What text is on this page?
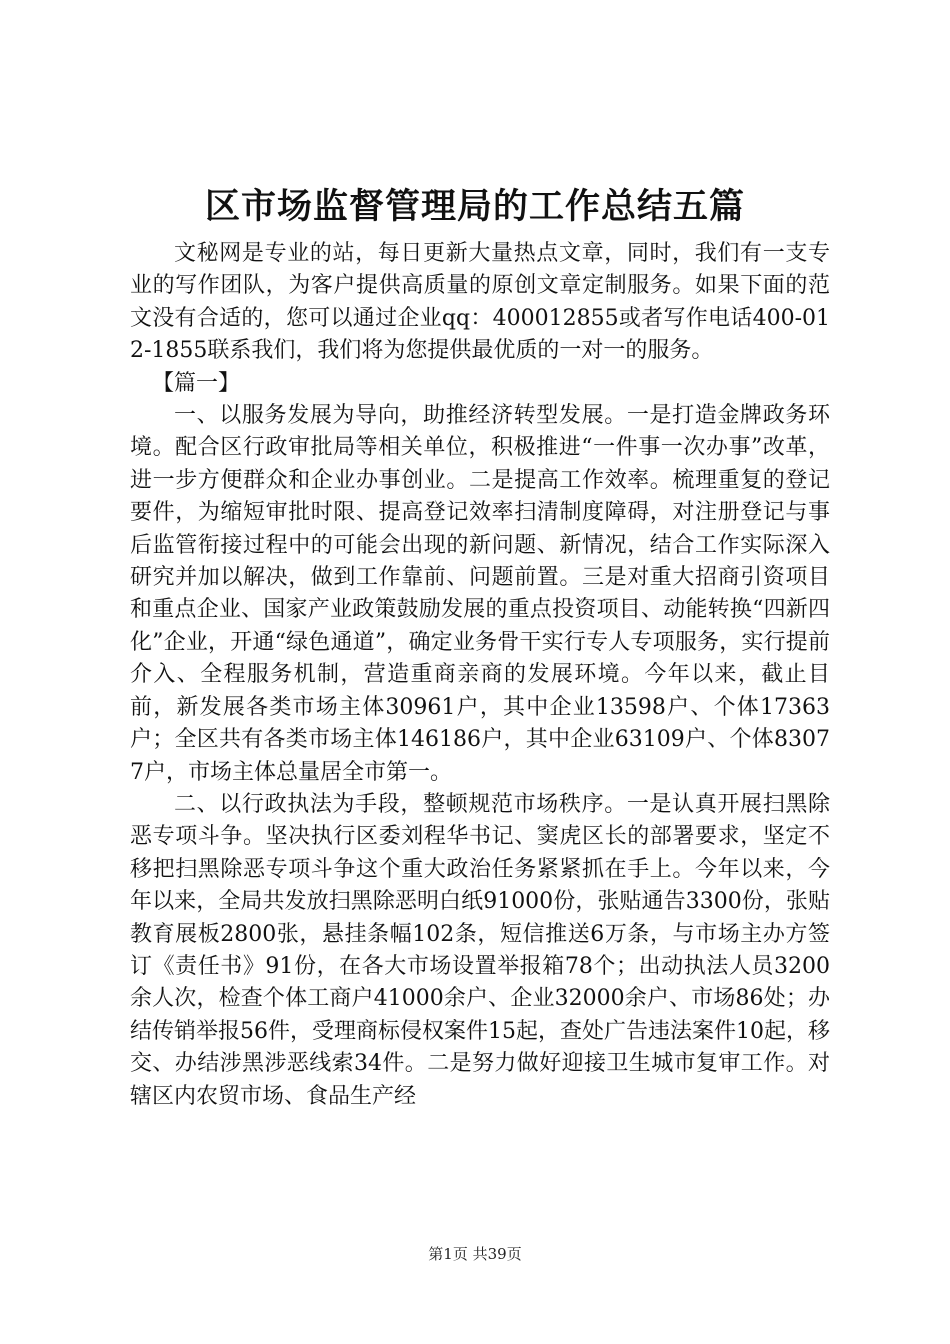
区市场监督管理局的工作总结五篇

文秘网是专业的站，每日更新大量热点文章，同时，我们有一支专业的写作团队，为客户提供高质量的原创文章定制服务。如果下面的范文没有合适的，您可以通过企业qq：400012855或者写作电话400-012-1855联系我们，我们将为您提供最优质的一对一的服务。

【篇一】

一、以服务发展为导向，助推经济转型发展。一是打造金牌政务环境。配合区行政审批局等相关单位，积极推进“一件事一次办事”改革，进一步方便群众和企业办事创业。二是提高工作效率。梳理重复的登记要件，为缩短审批时限、提高登记效率扫清制度障碍，对注册登记与事后监管衔接过程中的可能会出现的新问题、新情况，结合工作实际深入研究并加以解决，做到工作靠前、问题前置。三是对重大招商引资项目和重点企业、国家产业政策鼓励发展的重点投资项目、动能转换“四新四化”企业，开通“绿色通道”，确定业务骨干实行专人专项服务，实行提前介入、全程服务机制，营造重商亲商的发展环境。今年以来，截止目前，新发展各类市场主体30961户，其中企业13598户、个体17363户；全区共有各类市场主体146186户，其中企业63109户、个体83077户，市场主体总量居全市第一。

二、以行政执法为手段，整顿规范市场秩序。一是认真开展扫黑除恶专项斗争。坚决执行区委刘程华书记、窦虎区长的部署要求，坚定不移把扫黑除恶专项斗争这个重大政治任务紧紧抓在手上。今年以来，今年以来，全局共发放扫黑除恶明白纸91000份，张贴通告3300份，张贴教育展板2800张，悬挂条幅102条，短信推送6万条，与市场主办方签订《责任书》91份，在各大市场设置举报箱78个；出动执法人员3200余人次，检查个体工商户41000余户、企业32000余户、市场86处；办结传销举报56件，受理商标侵权案件15起，查处广告违法案件10起，移交、办结涉黑涉恶线索34件。二是努力做好迎接卫生城市复审工作。对辖区内农贸市场、食品生产经

第1页 共39页
